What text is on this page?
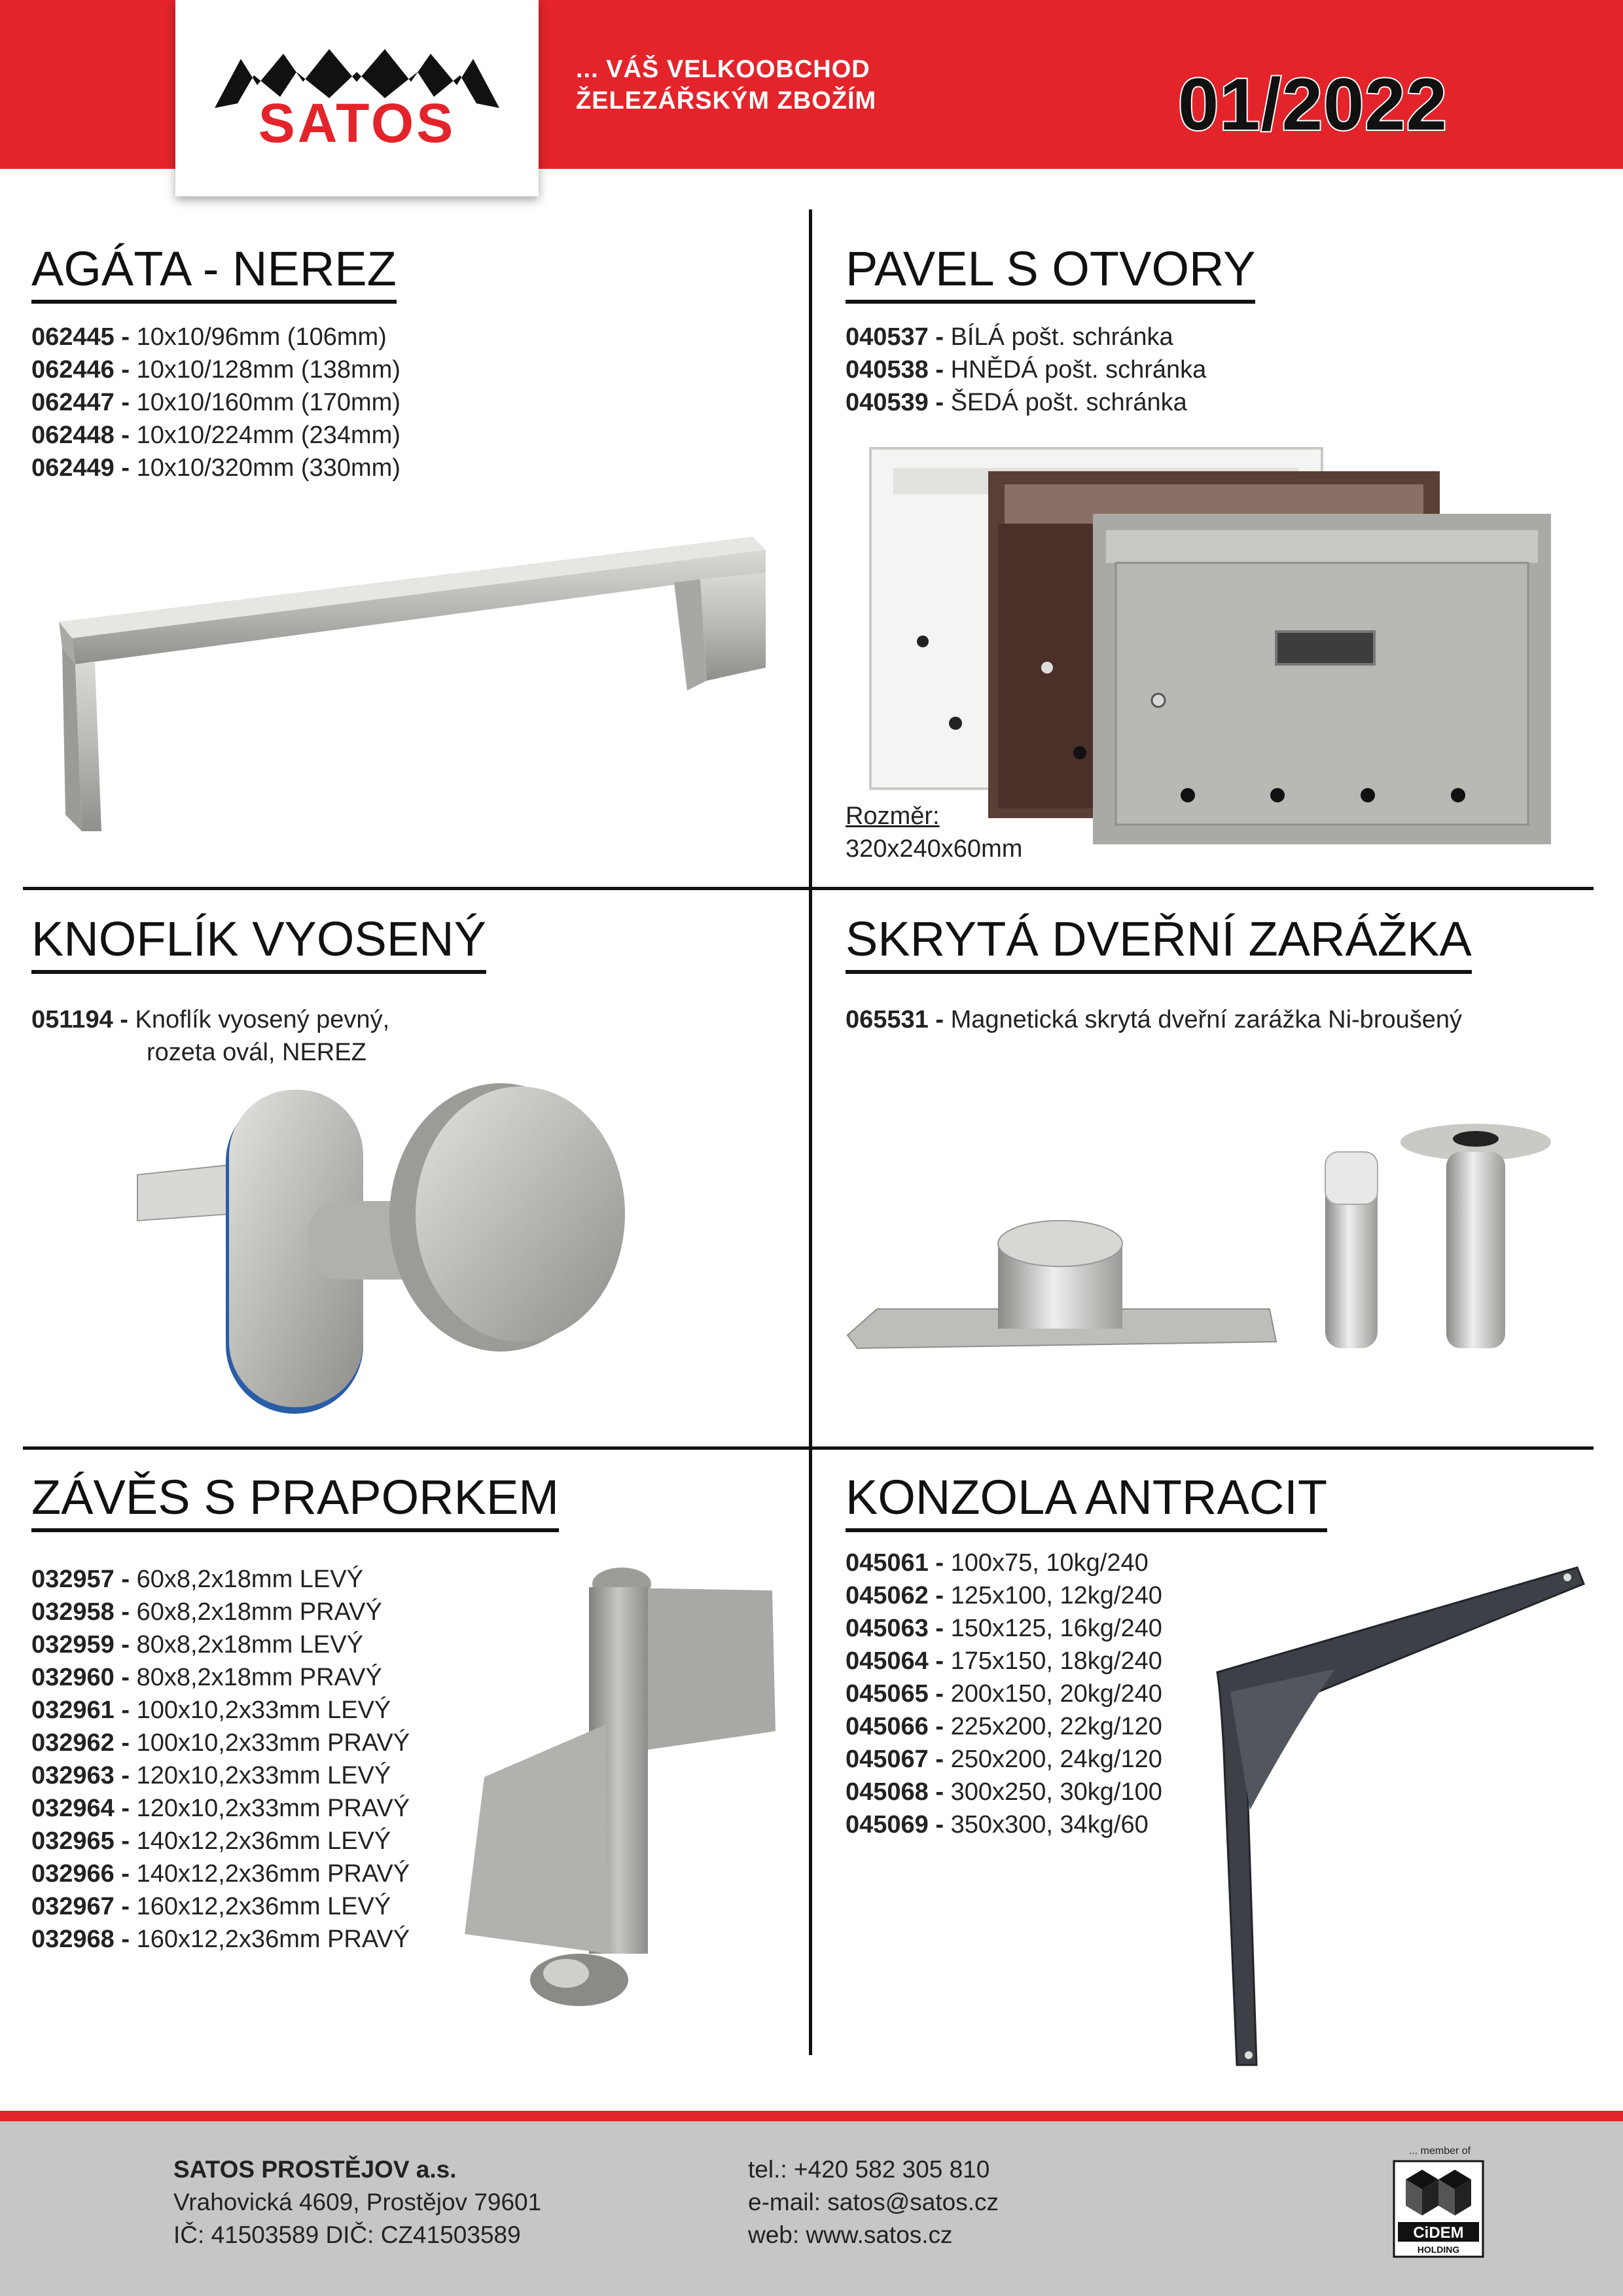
SATOS
... VÁŠ VELKOOBCHOD
ŽELEZÁŘSKÝM ZBOŽÍM	01/2022
AGÁTA - NEREZ
062445 - 10x10/96mm (106mm)
062446 - 10x10/128mm (138mm)
062447 - 10x10/160mm (170mm)
062448 - 10x10/224mm (234mm)
062449 - 10x10/320mm (330mm)
PAVEL S OTVORY
040537 - BÍLÁ pošt. schránka
040538 - HNĚDÁ pošt. schránka
040539 - ŠEDÁ pošt. schránka
Rozměr:
320x240x60mm
KNOFLÍK VYOSENÝ
051194 - Knoflík vyosený pevný,
rozeta ovál, NEREZ
SKRYTÁ DVEŘNÍ ZARÁŽKA
065531 - Magnetická skrytá dveřní zarážka Ni-broušený
ZÁVĚS S PRAPORKEM
032957 - 60x8,2x18mm LEVÝ
032958 - 60x8,2x18mm PRAVÝ
032959 - 80x8,2x18mm LEVÝ
032960 - 80x8,2x18mm PRAVÝ
032961 - 100x10,2x33mm LEVÝ
032962 - 100x10,2x33mm PRAVÝ
032963 - 120x10,2x33mm LEVÝ
032964 - 120x10,2x33mm PRAVÝ
032965 - 140x12,2x36mm LEVÝ
032966 - 140x12,2x36mm PRAVÝ
032967 - 160x12,2x36mm LEVÝ
032968 - 160x12,2x36mm PRAVÝ
KONZOLA ANTRACIT
045061 - 100x75, 10kg/240
045062 - 125x100, 12kg/240
045063 - 150x125, 16kg/240
045064 - 175x150, 18kg/240
045065 - 200x150, 20kg/240
045066 - 225x200, 22kg/120
045067 - 250x200, 24kg/120
045068 - 300x250, 30kg/100
045069 - 350x300, 34kg/60
SATOS PROSTĚJOV a.s.
Vrahovická 4609, Prostějov 79601
IČ: 41503589 DIČ: CZ41503589
tel.: +420 582 305 810
e-mail: satos@satos.cz
web: www.satos.cz
... member of
CiDEM
HOLDING
